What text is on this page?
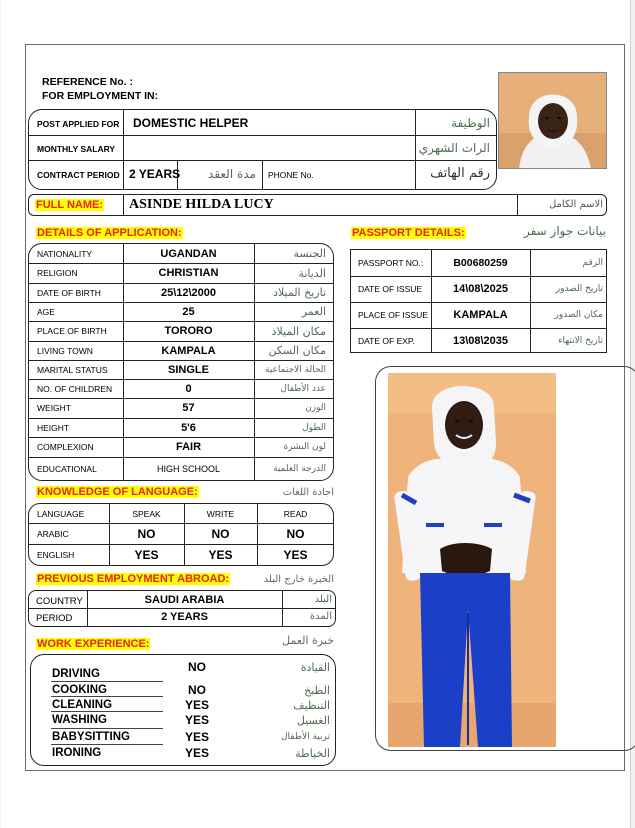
REFERENCE No. :
FOR EMPLOYMENT IN:
POST APPLIED FOR DOMESTIC HELPER	الوظيفة
MONTHLY SALARY	الرات الشهري
CONTRACT PERIOD 2 YEARS	مدة العقد PHONE No.	رقم الهاتف
FULL NAME: ASINDE HILDA LUCY	الاسم الكامل
DETAILS OF APPLICATION:	PASSPORT DETAILS:	بيانات جواز سفر
KNOWLEDGE OF LANGUAGE:	اجادة اللغات
PREVIOUS EMPLOYMENT ABROAD:	الخبرة خارج البلد
COUNTRY	SAUDI ARABIA	البلد
PERIOD	2 YEARS	المدة
WORK EXPERIENCE:	خبرة العمل
NATIONALITY	UGANDAN	الجنسة
RELIGION	CHRISTIAN	الديانة
DATE OF BIRTH	25\12\2000	تاريخ الميلاد
AGE	25	العمر
PLACE OF BIRTH	TORORO	مكان الميلاد
LIVING TOWN	KAMPALA	مكان السكن
MARITAL STATUS	SINGLE	الحالة الاجتماعية
NO. OF CHILDREN	0	عدد الأطفال
WEIGHT	57	الوزن
HEIGHT	5'6	الطول
COMPLEXION	FAIR	لون البشرة
EDUCATIONAL	HIGH SCHOOL	الدرجة العلمية
PASSPORT NO.:	B00680259	الرقم
DATE OF ISSUE	14\08\2025	تاريخ الصدور
PLACE OF ISSUE	KAMPALA	مكان الصدور
DATE OF EXP.	13\08\2035	تاريخ الانتهاء
LANGUAGE	SPEAK	WRITE	READ
ARABIC	NO	NO	NO
ENGLISH	YES	YES	YES
DRIVING	NO	القيادة
COOKING	NO	الطبخ
CLEANING	YES	التنظيف
WASHING	YES	الغسيل
BABYSITTING	YES	تربية الأطفال
IRONING	YES	الخياطة
